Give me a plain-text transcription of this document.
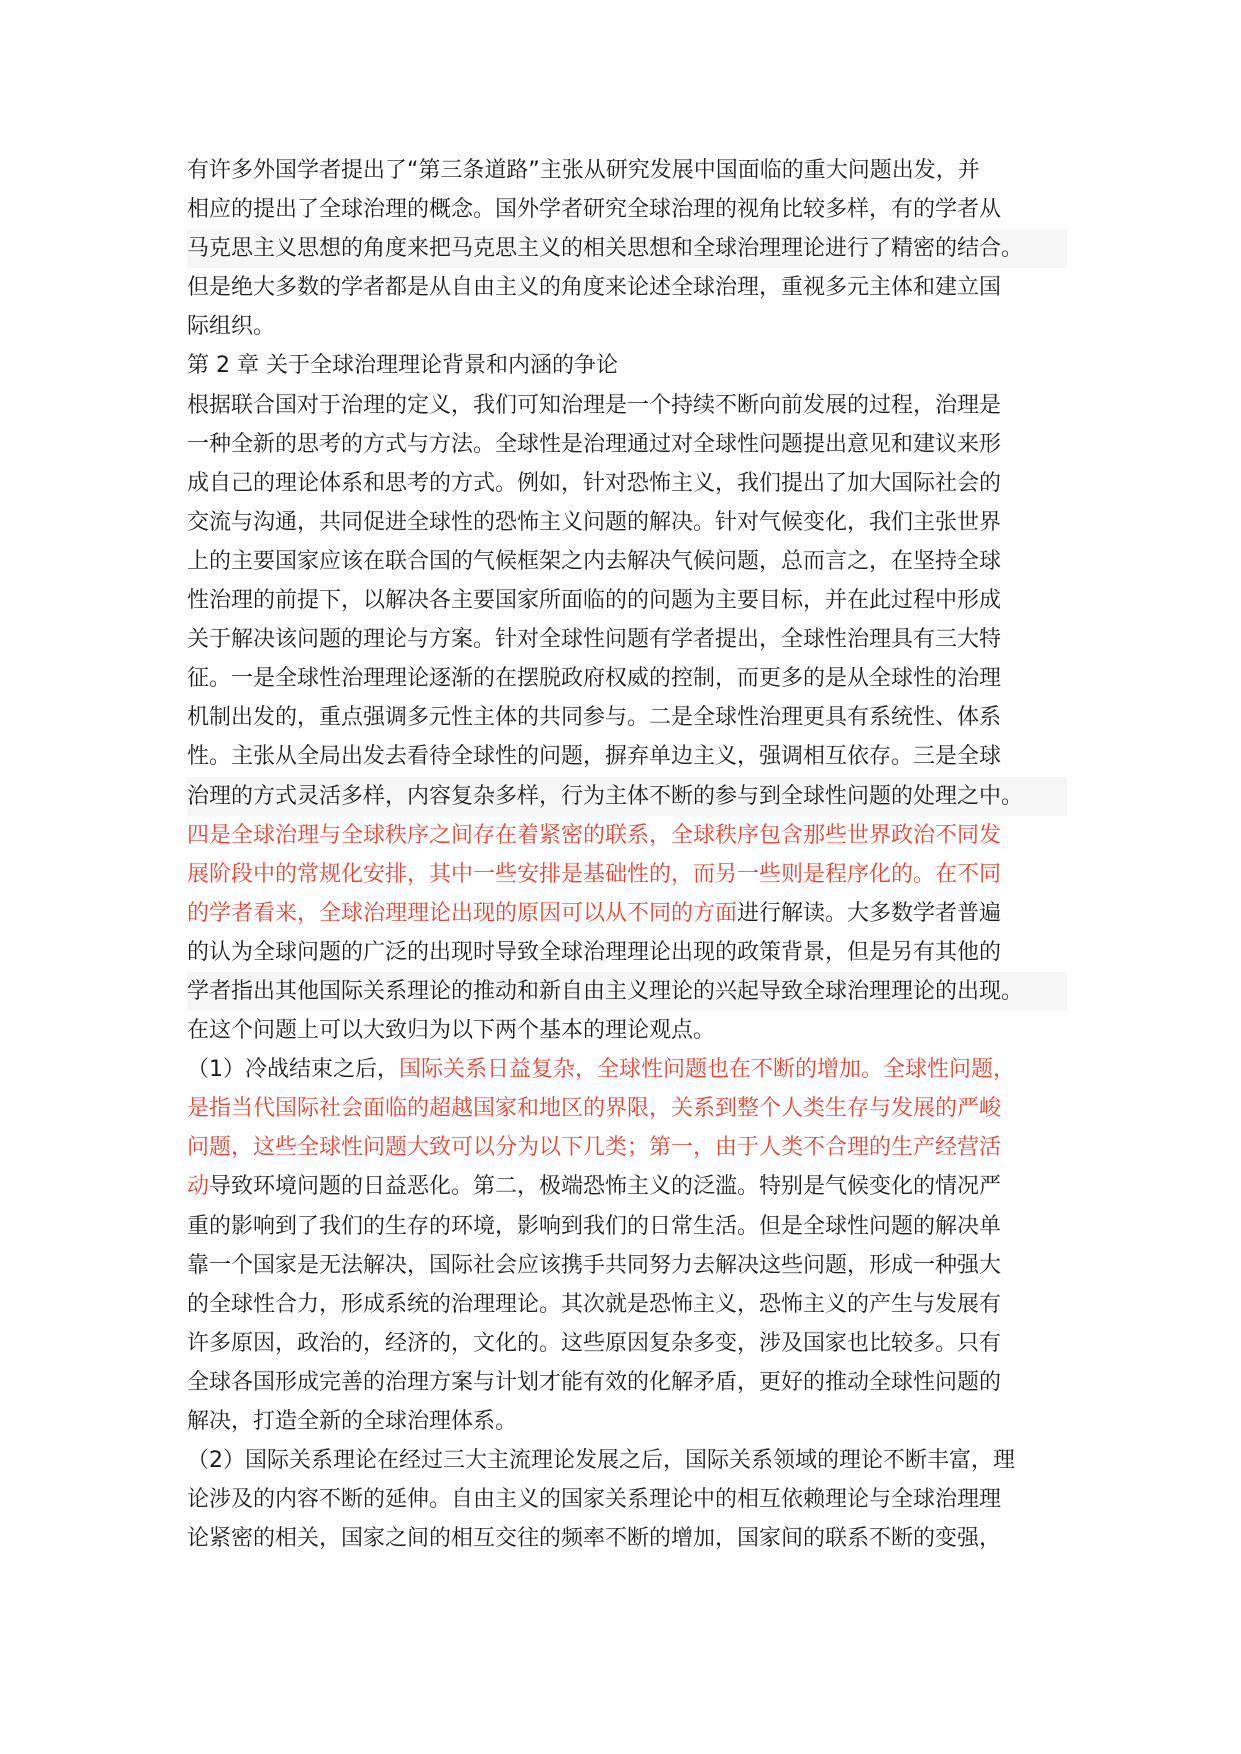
有许多外国学者提出了“第三条道路”主张从研究发展中国面临的重大问题出发，并
相应的提出了全球治理的概念。国外学者研究全球治理的视角比较多样，有的学者从
马克思主义思想的角度来把马克思主义的相关思想和全球治理理论进行了精密的结合。
但是绝大多数的学者都是从自由主义的角度来论述全球治理，重视多元主体和建立国
际组织。
第 2 章 关于全球治理理论背景和内涵的争论
根据联合国对于治理的定义，我们可知治理是一个持续不断向前发展的过程，治理是
一种全新的思考的方式与方法。全球性是治理通过对全球性问题提出意见和建议来形
成自己的理论体系和思考的方式。例如，针对恐怖主义，我们提出了加大国际社会的
交流与沟通，共同促进全球性的恐怖主义问题的解决。针对气候变化，我们主张世界
上的主要国家应该在联合国的气候框架之内去解决气候问题，总而言之，在坚持全球
性治理的前提下，以解决各主要国家所面临的的问题为主要目标，并在此过程中形成
关于解决该问题的理论与方案。针对全球性问题有学者提出，全球性治理具有三大特
征。一是全球性治理理论逐渐的在摆脱政府权威的控制，而更多的是从全球性的治理
机制出发的，重点强调多元性主体的共同参与。二是全球性治理更具有系统性、体系
性。主张从全局出发去看待全球性的问题，摒弃单边主义，强调相互依存。三是全球
治理的方式灵活多样，内容复杂多样，行为主体不断的参与到全球性问题的处理之中。
四是全球治理与全球秩序之间存在着紧密的联系，全球秩序包含那些世界政治不同发
展阶段中的常规化安排，其中一些安排是基础性的，而另一些则是程序化的。在不同
的学者看来，全球治理理论出现的原因可以从不同的方面进行解读。大多数学者普遍
的认为全球问题的广泛的出现时导致全球治理理论出现的政策背景，但是另有其他的
学者指出其他国际关系理论的推动和新自由主义理论的兴起导致全球治理理论的出现。
在这个问题上可以大致归为以下两个基本的理论观点。
（1）冷战结束之后，国际关系日益复杂，全球性问题也在不断的增加。全球性问题，
是指当代国际社会面临的超越国家和地区的界限，关系到整个人类生存与发展的严峻
问题，这些全球性问题大致可以分为以下几类；第一，由于人类不合理的生产经营活
动导致环境问题的日益恶化。第二，极端恐怖主义的泛滥。特别是气候变化的情况严
重的影响到了我们的生存的环境，影响到我们的日常生活。但是全球性问题的解决单
靠一个国家是无法解决，国际社会应该携手共同努力去解决这些问题，形成一种强大
的全球性合力，形成系统的治理理论。其次就是恐怖主义，恐怖主义的产生与发展有
许多原因，政治的，经济的，文化的。这些原因复杂多变，涉及国家也比较多。只有
全球各国形成完善的治理方案与计划才能有效的化解矛盾，更好的推动全球性问题的
解决，打造全新的全球治理体系。
（2）国际关系理论在经过三大主流理论发展之后，国际关系领域的理论不断丰富，理
论涉及的内容不断的延伸。自由主义的国家关系理论中的相互依赖理论与全球治理理
论紧密的相关，国家之间的相互交往的频率不断的增加，国家间的联系不断的变强，
